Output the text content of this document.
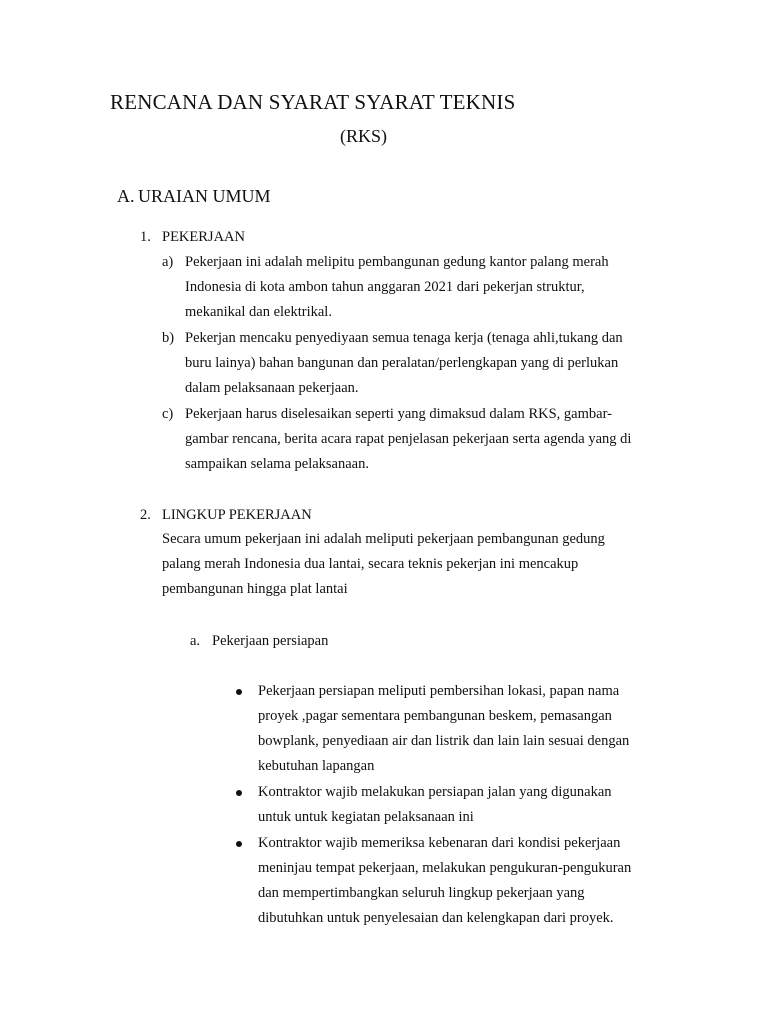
RENCANA DAN SYARAT SYARAT TEKNIS
(RKS)
A. URAIAN UMUM
1. PEKERJAAN
a) Pekerjaan ini adalah melipitu pembangunan gedung kantor palang merah
Indonesia di kota ambon tahun anggaran 2021 dari pekerjan struktur,
mekanikal dan elektrikal.
b) Pekerjan mencaku penyediyaan semua tenaga kerja (tenaga ahli,tukang dan
buru lainya) bahan bangunan dan peralatan/perlengkapan yang di perlukan
dalam pelaksanaan pekerjaan.
c) Pekerjaan harus diselesaikan seperti yang dimaksud dalam RKS, gambar-
gambar rencana, berita acara rapat penjelasan pekerjaan serta agenda yang di
sampaikan selama pelaksanaan.
2. LINGKUP PEKERJAAN
Secara umum pekerjaan ini adalah meliputi pekerjaan pembangunan gedung
palang merah Indonesia dua lantai, secara teknis pekerjan ini mencakup
pembangunan hingga plat lantai
a. Pekerjaan persiapan
Pekerjaan persiapan meliputi pembersihan lokasi, papan nama
proyek ,pagar sementara pembangunan beskem, pemasangan
bowplank, penyediaan air dan listrik dan lain lain sesuai dengan
kebutuhan lapangan
Kontraktor wajib melakukan persiapan jalan yang digunakan
untuk untuk kegiatan pelaksanaan ini
Kontraktor wajib memeriksa kebenaran dari kondisi pekerjaan
meninjau tempat pekerjaan, melakukan pengukuran-pengukuran
dan mempertimbangkan seluruh lingkup pekerjaan yang
dibutuhkan untuk penyelesaian dan kelengkapan dari proyek.
